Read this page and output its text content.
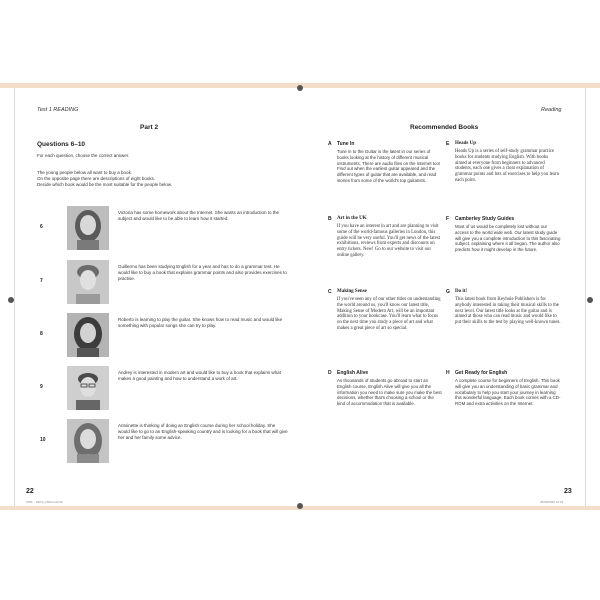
Test 1 READING
Part 2
Questions 6–10
For each question, choose the correct answer.
The young people below all want to buy a book.
On the opposite page there are descriptions of eight books.
Decide which book would be the most suitable for the people below.
6
Victoria has some homework about the Internet. She wants an introduction to the subject and would like to be able to learn how it started.
7
Guillermo has been studying English for a year and has to do a grammar test. He would like to buy a book that explains grammar points and also provides exercises to practise.
8
Roberto is learning to play the guitar. She knows how to read music and would like something with popular songs she can try to play.
9
Andrey is interested in modern art and would like to buy a book that explains what makes a good painting and how to understand a work of art.
10
Antoinette is thinking of doing an English course during her school holiday. She would like to go to an English-speaking country and is looking for a book that will give her and her family some advice.
22
9781... PET4_2020.indd 22
Reading
Recommended Books
A Tune In
Tune in to the Guitar is the latest in our series of books looking at the history of different musical instruments. There are audio files on the Internet too! Find out when the earliest guitar appeared and the different types of guitar that are available, and read stories from some of the world's top guitarists.
E Heads Up
Heads Up is a series of self-study grammar practice books for students studying English. With books aimed at everyone from beginners to advanced students, each one gives a clear explanation of grammar points and lots of exercises to help you learn each point.
B Art in the UK
If you have an interest in art and are planning to visit some of the world-famous galleries in London, this guide will be very useful. You'll get news of the latest exhibitions, reviews from experts and discounts on entry tickets. New! Go to our website to visit our online gallery.
F Camberley Study Guides
Most of us would be completely lost without our access to the world wide web. Our latest study guide will give you a complete introduction to this fascinating subject, explaining where it all began. The author also predicts how it might develop in the future.
C Making Sense
If you've seen any of our other titles on understanding the world around us, you'll know our latest title, Making Sense of Modern Art, will be an important addition to your bookcase. You'll learn what to focus on the next time you study a piece of art and what makes a great piece of art so special.
G Do it!
This latest book from Keyhole Publishers is for anybody interested in taking their musical skills to the next level. Our latest title looks at the guitar and is aimed at those who can read music and would like to put their skills to the test by playing well-known tunes.
D English Alive
As thousands of students go abroad to start an English course, English Alive will give you all the information you need to make sure you make the best decisions, whether that's choosing a school or the kind of accommodation that is available.
H Get Ready for English
A complete course for beginners of English. This book will give you an understanding of basic grammar and vocabulary to help you start your journey in learning this wonderful language. Each book comes with a CD-ROM and extra activities on the Internet.
23
25/08/2020 12:15
